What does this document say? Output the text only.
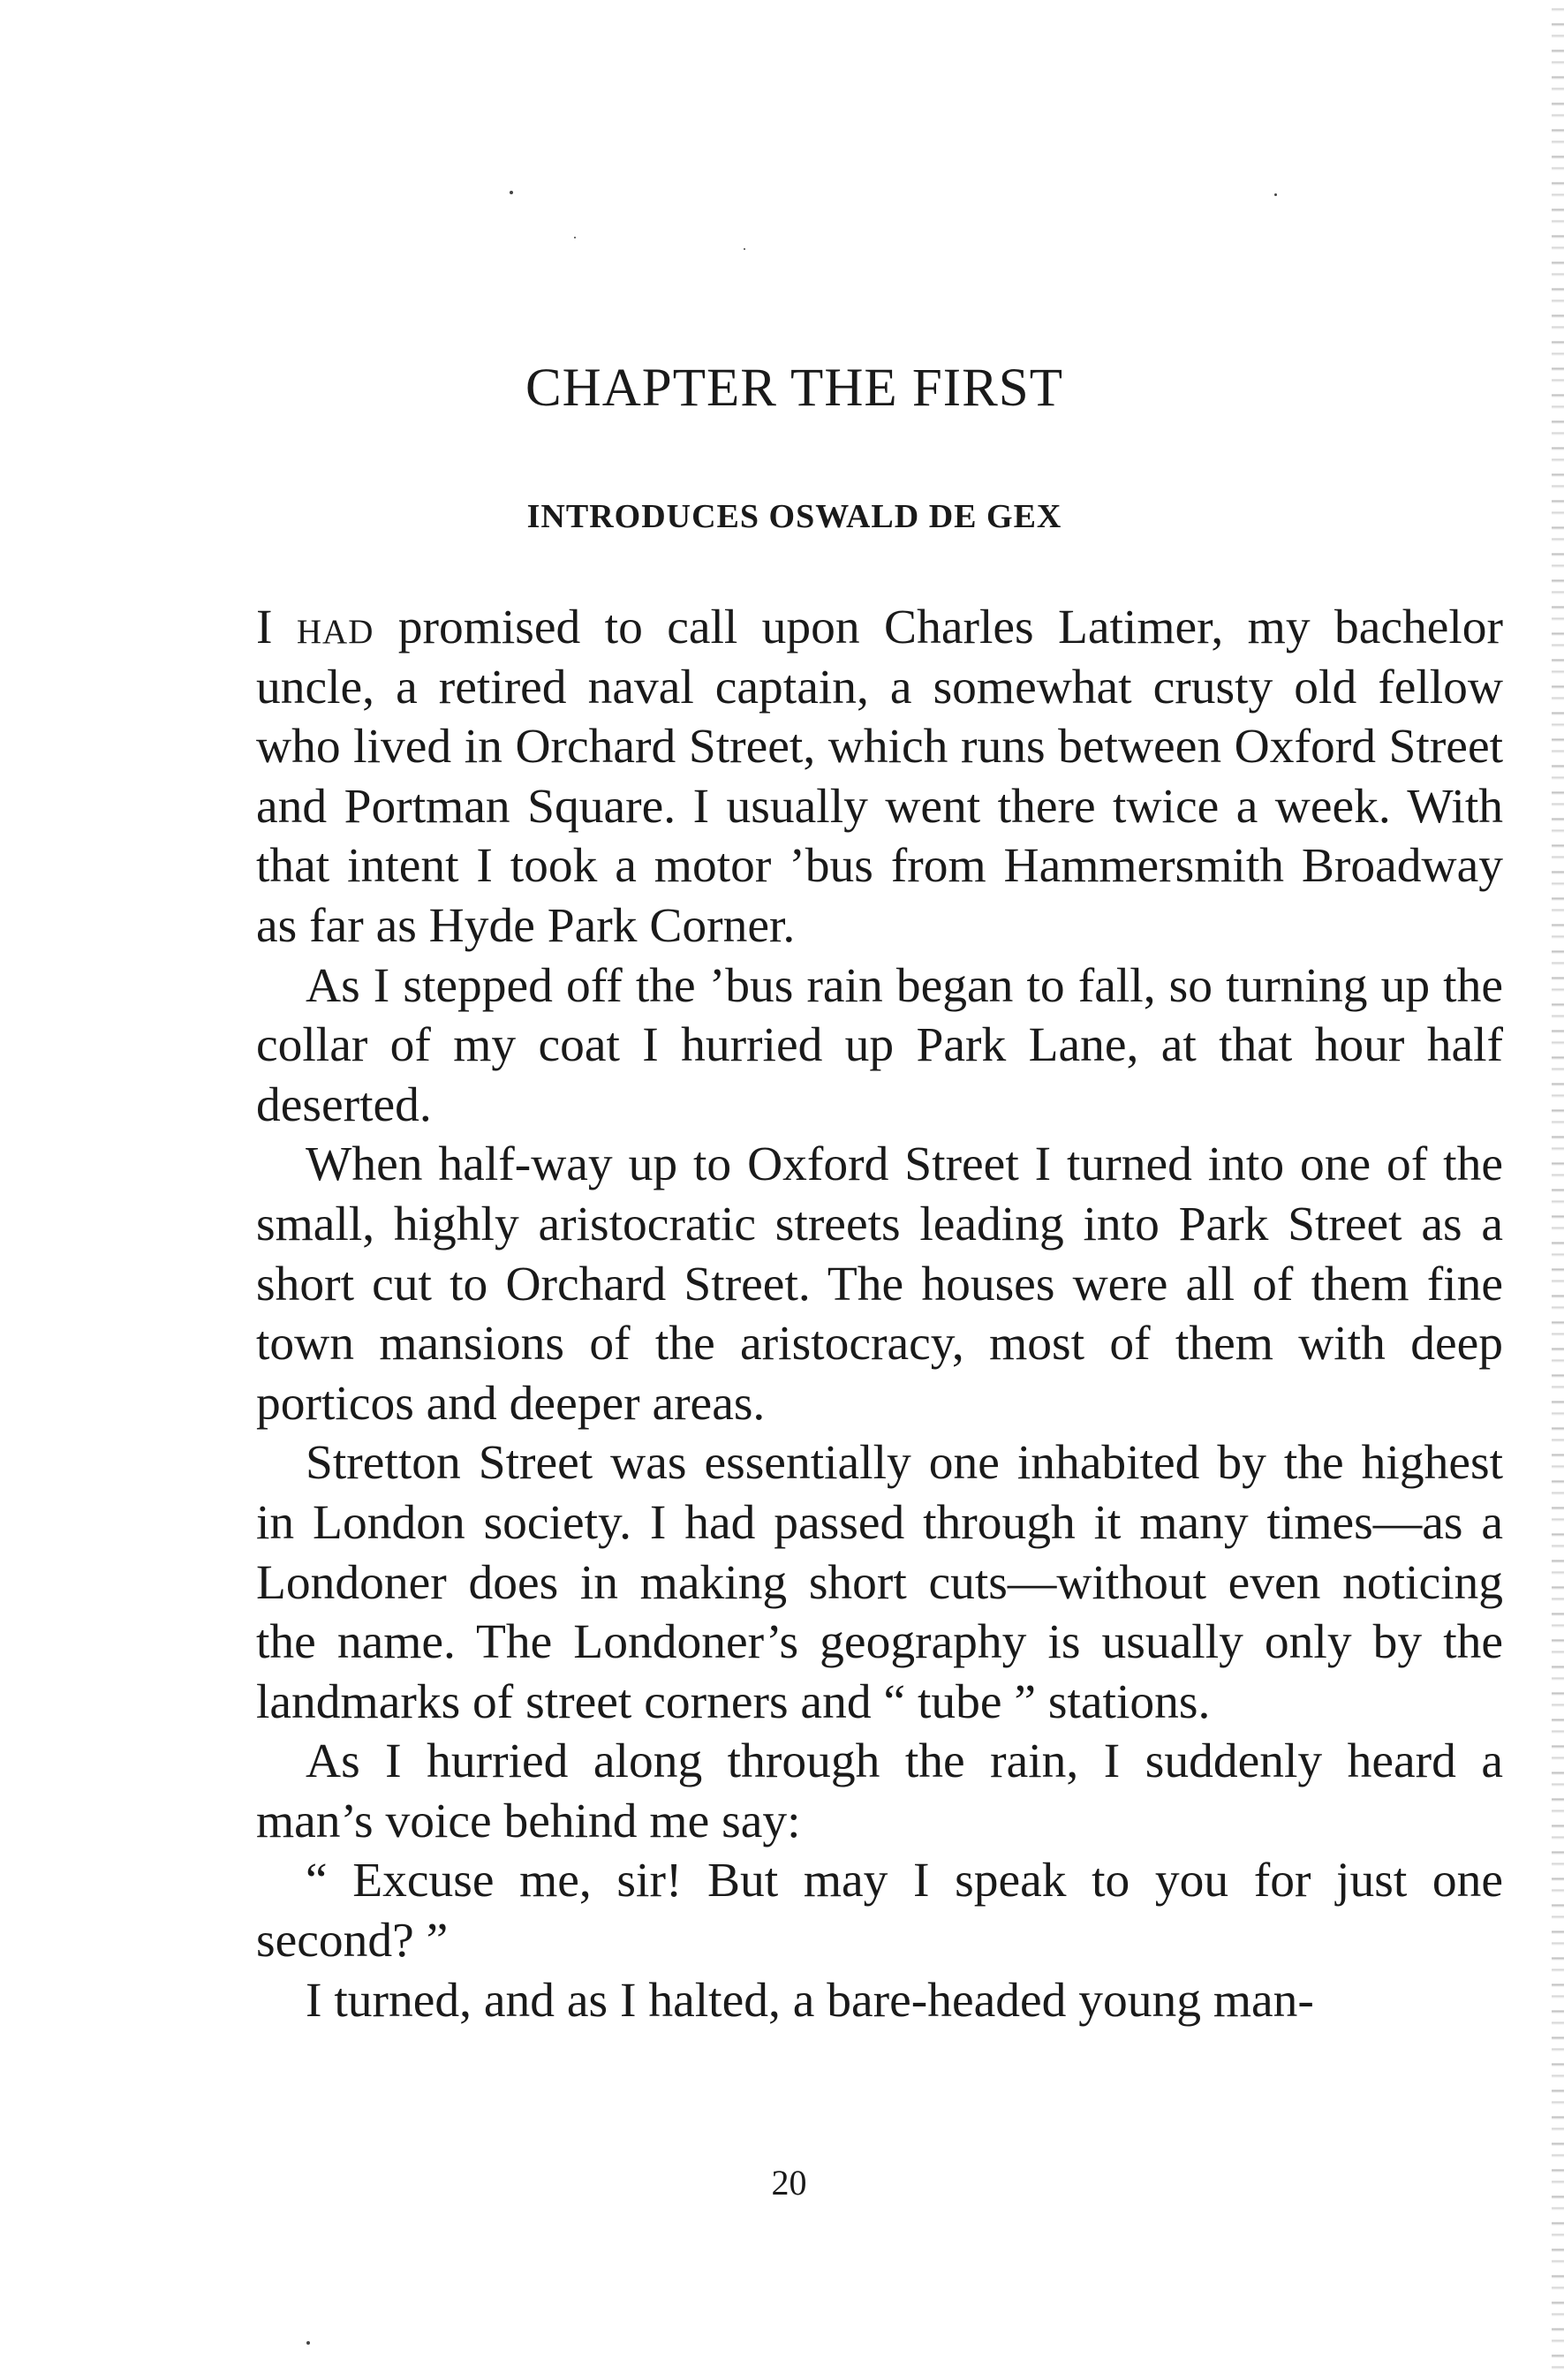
CHAPTER THE FIRST
INTRODUCES OSWALD DE GEX

I had promised to call upon Charles Latimer, my bachelor uncle, a retired naval captain, a somewhat crusty old fellow who lived in Orchard Street, which runs between Oxford Street and Portman Square. I usually went there twice a week. With that intent I took a motor ’bus from Hammersmith Broadway as far as Hyde Park Corner.

As I stepped off the ’bus rain began to fall, so turning up the collar of my coat I hurried up Park Lane, at that hour half deserted.

When half-way up to Oxford Street I turned into one of the small, highly aristocratic streets leading into Park Street as a short cut to Orchard Street. The houses were all of them fine town mansions of the aristocracy, most of them with deep porticos and deeper areas.

Stretton Street was essentially one inhabited by the highest in London society. I had passed through it many times—as a Londoner does in making short cuts—without even noticing the name. The Londoner’s geography is usually only by the landmarks of street corners and “ tube ” stations.

As I hurried along through the rain, I suddenly heard a man’s voice behind me say:

“ Excuse me, sir! But may I speak to you for just one second? ”

I turned, and as I halted, a bare-headed young man-

20
